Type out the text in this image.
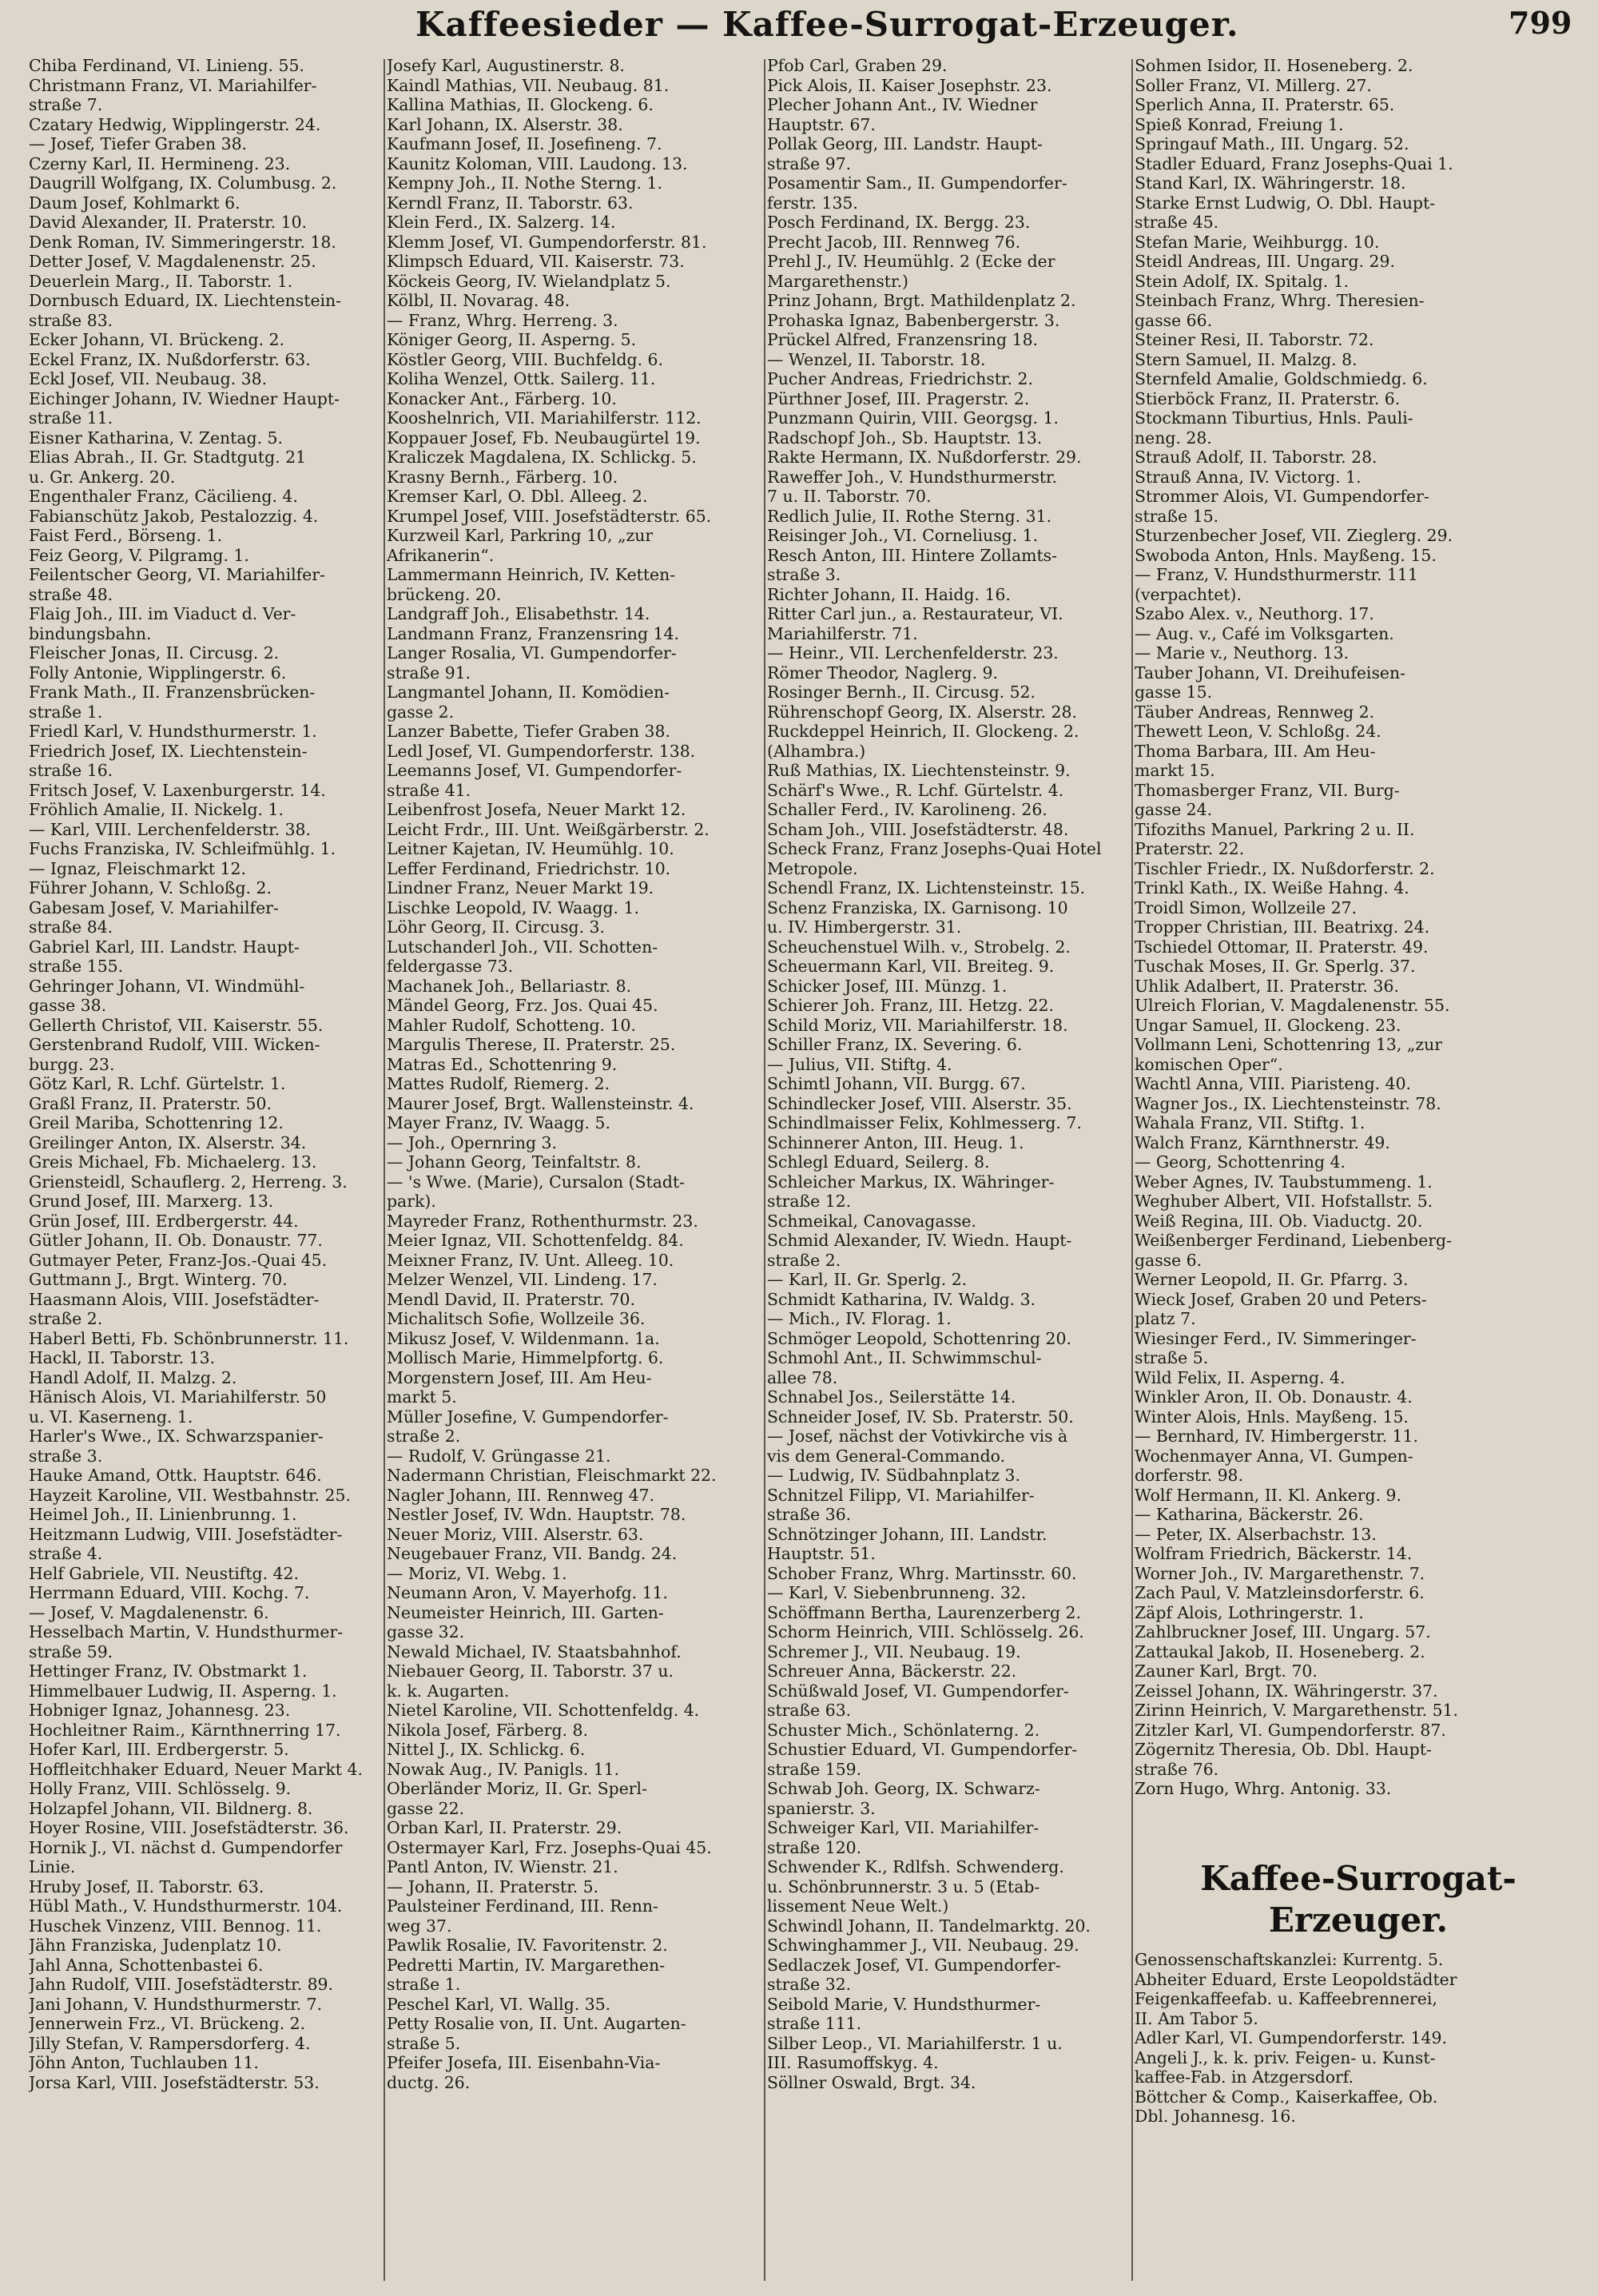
Kaffeesieder — Kaffee-Surrogat-Erzeuger.	799
Chiba Ferdinand, VI. Linieng. 55.
Christmann Franz, VI. Mariahilfer-
straße 7.
Czatary Hedwig, Wipplingerstr. 24.
— Josef, Tiefer Graben 38.
Czerny Karl, II. Hermineng. 23.
Daugrill Wolfgang, IX. Columbusg. 2.
Daum Josef, Kohlmarkt 6.
David Alexander, II. Praterstr. 10.
Denk Roman, IV. Simmeringerstr. 18.
Detter Josef, V. Magdalenenstr. 25.
Deuerlein Marg., II. Taborstr. 1.
Dornbusch Eduard, IX. Liechtenstein-
straße 83.
Ecker Johann, VI. Brückeng. 2.
Eckel Franz, IX. Nußdorferstr. 63.
Eckl Josef, VII. Neubaug. 38.
Eichinger Johann, IV. Wiedner Haupt-
straße 11.
Eisner Katharina, V. Zentag. 5.
Elias Abrah., II. Gr. Stadtgutg. 21
u. Gr. Ankerg. 20.
Engenthaler Franz, Cäcilieng. 4.
Fabianschütz Jakob, Pestalozzig. 4.
Faist Ferd., Börseng. 1.
Feiz Georg, V. Pilgramg. 1.
Feilentscher Georg, VI. Mariahilfer-
straße 48.
Flaig Joh., III. im Viaduct d. Ver-
bindungsbahn.
Fleischer Jonas, II. Circusg. 2.
Folly Antonie, Wipplingerstr. 6.
Frank Math., II. Franzensbrücken-
straße 1.
Friedl Karl, V. Hundsthurmerstr. 1.
Friedrich Josef, IX. Liechtenstein-
straße 16.
Fritsch Josef, V. Laxenburgerstr. 14.
Fröhlich Amalie, II. Nickelg. 1.
— Karl, VIII. Lerchenfelderstr. 38.
Fuchs Franziska, IV. Schleifmühlg. 1.
— Ignaz, Fleischmarkt 12.
Führer Johann, V. Schloßg. 2.
Gabesam Josef, V. Mariahilfer-
straße 84.
Gabriel Karl, III. Landstr. Haupt-
straße 155.
Gehringer Johann, VI. Windmühl-
gasse 38.
Gellerth Christof, VII. Kaiserstr. 55.
Gerstenbrand Rudolf, VIII. Wicken-
burgg. 23.
Götz Karl, R. Lchf. Gürtelstr. 1.
Graßl Franz, II. Praterstr. 50.
Greil Mariba, Schottenring 12.
Greilinger Anton, IX. Alserstr. 34.
Greis Michael, Fb. Michaelerg. 13.
Griensteidl, Schauflerg. 2, Herreng. 3.
Grund Josef, III. Marxerg. 13.
Grün Josef, III. Erdbergerstr. 44.
Gütler Johann, II. Ob. Donaustr. 77.
Gutmayer Peter, Franz-Jos.-Quai 45.
Guttmann J., Brgt. Winterg. 70.
Haasmann Alois, VIII. Josefstädter-
straße 2.
Haberl Betti, Fb. Schönbrunnerstr. 11.
Hackl, II. Taborstr. 13.
Handl Adolf, II. Malzg. 2.
Hänisch Alois, VI. Mariahilferstr. 50
u. VI. Kaserneng. 1.
Harler's Wwe., IX. Schwarzspanier-
straße 3.
Hauke Amand, Ottk. Hauptstr. 646.
Hayzeit Karoline, VII. Westbahnstr. 25.
Heimel Joh., II. Linienbrunng. 1.
Heitzmann Ludwig, VIII. Josefstädter-
straße 4.
Helf Gabriele, VII. Neustiftg. 42.
Herrmann Eduard, VIII. Kochg. 7.
— Josef, V. Magdalenenstr. 6.
Hesselbach Martin, V. Hundsthurmer-
straße 59.
Hettinger Franz, IV. Obstmarkt 1.
Himmelbauer Ludwig, II. Asperng. 1.
Hobniger Ignaz, Johannesg. 23.
Hochleitner Raim., Kärnthnerring 17.
Hofer Karl, III. Erdbergerstr. 5.
Hoffleitchhaker Eduard, Neuer Markt 4.
Holly Franz, VIII. Schlösselg. 9.
Holzapfel Johann, VII. Bildnerg. 8.
Hoyer Rosine, VIII. Josefstädterstr. 36.
Hornik J., VI. nächst d. Gumpendorfer
Linie.
Hruby Josef, II. Taborstr. 63.
Hübl Math., V. Hundsthurmerstr. 104.
Huschek Vinzenz, VIII. Bennog. 11.
Jähn Franziska, Judenplatz 10.
Jahl Anna, Schottenbastei 6.
Jahn Rudolf, VIII. Josefstädterstr. 89.
Jani Johann, V. Hundsthurmerstr. 7.
Jennerwein Frz., VI. Brückeng. 2.
Jilly Stefan, V. Rampersdorferg. 4.
Jöhn Anton, Tuchlauben 11.
Jorsa Karl, VIII. Josefstädterstr. 53.
Josefy Karl, Augustinerstr. 8.
Kaindl Mathias, VII. Neubaug. 81.
Kallina Mathias, II. Glockeng. 6.
Karl Johann, IX. Alserstr. 38.
Kaufmann Josef, II. Josefineng. 7.
Kaunitz Koloman, VIII. Laudong. 13.
Kempny Joh., II. Nothe Sterng. 1.
Kerndl Franz, II. Taborstr. 63.
Klein Ferd., IX. Salzerg. 14.
Klemm Josef, VI. Gumpendorferstr. 81.
Klimpsch Eduard, VII. Kaiserstr. 73.
Köckeis Georg, IV. Wielandplatz 5.
Kölbl, II. Novarag. 48.
— Franz, Whrg. Herreng. 3.
Königer Georg, II. Asperng. 5.
Köstler Georg, VIII. Buchfeldg. 6.
Koliha Wenzel, Ottk. Sailerg. 11.
Konacker Ant., Färberg. 10.
Kooshelnrich, VII. Mariahilferstr. 112.
Koppauer Josef, Fb. Neubaugürtel 19.
Kraliczek Magdalena, IX. Schlickg. 5.
Krasny Bernh., Färberg. 10.
Kremser Karl, O. Dbl. Alleeg. 2.
Krumpel Josef, VIII. Josefstädterstr. 65.
Kurzweil Karl, Parkring 10, „zur
Afrikanerin“.
Lammermann Heinrich, IV. Ketten-
brückeng. 20.
Landgraff Joh., Elisabethstr. 14.
Landmann Franz, Franzensring 14.
Langer Rosalia, VI. Gumpendorfer-
straße 91.
Langmantel Johann, II. Komödien-
gasse 2.
Lanzer Babette, Tiefer Graben 38.
Ledl Josef, VI. Gumpendorferstr. 138.
Leemanns Josef, VI. Gumpendorfer-
straße 41.
Leibenfrost Josefa, Neuer Markt 12.
Leicht Frdr., III. Unt. Weißgärberstr. 2.
Leitner Kajetan, IV. Heumühlg. 10.
Leffer Ferdinand, Friedrichstr. 10.
Lindner Franz, Neuer Markt 19.
Lischke Leopold, IV. Waagg. 1.
Löhr Georg, II. Circusg. 3.
Lutschanderl Joh., VII. Schotten-
feldergasse 73.
Machanek Joh., Bellariastr. 8.
Mändel Georg, Frz. Jos. Quai 45.
Mahler Rudolf, Schotteng. 10.
Margulis Therese, II. Praterstr. 25.
Matras Ed., Schottenring 9.
Mattes Rudolf, Riemerg. 2.
Maurer Josef, Brgt. Wallensteinstr. 4.
Mayer Franz, IV. Waagg. 5.
— Joh., Opernring 3.
— Johann Georg, Teinfaltstr. 8.
— 's Wwe. (Marie), Cursalon (Stadt-
park).
Mayreder Franz, Rothenthurmstr. 23.
Meier Ignaz, VII. Schottenfeldg. 84.
Meixner Franz, IV. Unt. Alleeg. 10.
Melzer Wenzel, VII. Lindeng. 17.
Mendl David, II. Praterstr. 70.
Michalitsch Sofie, Wollzeile 36.
Mikusz Josef, V. Wildenmann. 1a.
Mollisch Marie, Himmelpfortg. 6.
Morgenstern Josef, III. Am Heu-
markt 5.
Müller Josefine, V. Gumpendorfer-
straße 2.
— Rudolf, V. Grüngasse 21.
Nadermann Christian, Fleischmarkt 22.
Nagler Johann, III. Rennweg 47.
Nestler Josef, IV. Wdn. Hauptstr. 78.
Neuer Moriz, VIII. Alserstr. 63.
Neugebauer Franz, VII. Bandg. 24.
— Moriz, VI. Webg. 1.
Neumann Aron, V. Mayerhofg. 11.
Neumeister Heinrich, III. Garten-
gasse 32.
Newald Michael, IV. Staatsbahnhof.
Niebauer Georg, II. Taborstr. 37 u.
k. k. Augarten.
Nietel Karoline, VII. Schottenfeldg. 4.
Nikola Josef, Färberg. 8.
Nittel J., IX. Schlickg. 6.
Nowak Aug., IV. Panigls. 11.
Oberländer Moriz, II. Gr. Sperl-
gasse 22.
Orban Karl, II. Praterstr. 29.
Ostermayer Karl, Frz. Josephs-Quai 45.
Pantl Anton, IV. Wienstr. 21.
— Johann, II. Praterstr. 5.
Paulsteiner Ferdinand, III. Renn-
weg 37.
Pawlik Rosalie, IV. Favoritenstr. 2.
Pedretti Martin, IV. Margarethen-
straße 1.
Peschel Karl, VI. Wallg. 35.
Petty Rosalie von, II. Unt. Augarten-
straße 5.
Pfeifer Josefa, III. Eisenbahn-Via-
ductg. 26.
Pfob Carl, Graben 29.
Pick Alois, II. Kaiser Josephstr. 23.
Plecher Johann Ant., IV. Wiedner
Hauptstr. 67.
Pollak Georg, III. Landstr. Haupt-
straße 97.
Posamentir Sam., II. Gumpendorfer-
ferstr. 135.
Posch Ferdinand, IX. Bergg. 23.
Precht Jacob, III. Rennweg 76.
Prehl J., IV. Heumühlg. 2 (Ecke der
Margarethenstr.)
Prinz Johann, Brgt. Mathildenplatz 2.
Prohaska Ignaz, Babenbergerstr. 3.
Prückel Alfred, Franzensring 18.
— Wenzel, II. Taborstr. 18.
Pucher Andreas, Friedrichstr. 2.
Pürthner Josef, III. Pragerstr. 2.
Punzmann Quirin, VIII. Georgsg. 1.
Radschopf Joh., Sb. Hauptstr. 13.
Rakte Hermann, IX. Nußdorferstr. 29.
Raweffer Joh., V. Hundsthurmerstr.
7 u. II. Taborstr. 70.
Redlich Julie, II. Rothe Sterng. 31.
Reisinger Joh., VI. Corneliusg. 1.
Resch Anton, III. Hintere Zollamts-
straße 3.
Richter Johann, II. Haidg. 16.
Ritter Carl jun., a. Restaurateur, VI.
Mariahilferstr. 71.
— Heinr., VII. Lerchenfelderstr. 23.
Römer Theodor, Naglerg. 9.
Rosinger Bernh., II. Circusg. 52.
Rührenschopf Georg, IX. Alserstr. 28.
Ruckdeppel Heinrich, II. Glockeng. 2.
(Alhambra.)
Ruß Mathias, IX. Liechtensteinstr. 9.
Schärf's Wwe., R. Lchf. Gürtelstr. 4.
Schaller Ferd., IV. Karolineng. 26.
Scham Joh., VIII. Josefstädterstr. 48.
Scheck Franz, Franz Josephs-Quai Hotel
Metropole.
Schendl Franz, IX. Lichtensteinstr. 15.
Schenz Franziska, IX. Garnisong. 10
u. IV. Himbergerstr. 31.
Scheuchenstuel Wilh. v., Strobelg. 2.
Scheuermann Karl, VII. Breiteg. 9.
Schicker Josef, III. Münzg. 1.
Schierer Joh. Franz, III. Hetzg. 22.
Schild Moriz, VII. Mariahilferstr. 18.
Schiller Franz, IX. Severing. 6.
— Julius, VII. Stiftg. 4.
Schimtl Johann, VII. Burgg. 67.
Schindlecker Josef, VIII. Alserstr. 35.
Schindlmaisser Felix, Kohlmesserg. 7.
Schinnerer Anton, III. Heug. 1.
Schlegl Eduard, Seilerg. 8.
Schleicher Markus, IX. Währinger-
straße 12.
Schmeikal, Canovagasse.
Schmid Alexander, IV. Wiedn. Haupt-
straße 2.
— Karl, II. Gr. Sperlg. 2.
Schmidt Katharina, IV. Waldg. 3.
— Mich., IV. Florag. 1.
Schmöger Leopold, Schottenring 20.
Schmohl Ant., II. Schwimmschul-
allee 78.
Schnabel Jos., Seilerstätte 14.
Schneider Josef, IV. Sb. Praterstr. 50.
— Josef, nächst der Votivkirche vis à
vis dem General-Commando.
— Ludwig, IV. Südbahnplatz 3.
Schnitzel Filipp, VI. Mariahilfer-
straße 36.
Schnötzinger Johann, III. Landstr.
Hauptstr. 51.
Schober Franz, Whrg. Martinsstr. 60.
— Karl, V. Siebenbrunneng. 32.
Schöffmann Bertha, Laurenzerberg 2.
Schorm Heinrich, VIII. Schlösselg. 26.
Schremer J., VII. Neubaug. 19.
Schreuer Anna, Bäckerstr. 22.
Schüßwald Josef, VI. Gumpendorfer-
straße 63.
Schuster Mich., Schönlaterng. 2.
Schustier Eduard, VI. Gumpendorfer-
straße 159.
Schwab Joh. Georg, IX. Schwarz-
spanierstr. 3.
Schweiger Karl, VII. Mariahilfer-
straße 120.
Schwender K., Rdlfsh. Schwenderg.
u. Schönbrunnerstr. 3 u. 5 (Etab-
lissement Neue Welt.)
Schwindl Johann, II. Tandelmarktg. 20.
Schwinghammer J., VII. Neubaug. 29.
Sedlaczek Josef, VI. Gumpendorfer-
straße 32.
Seibold Marie, V. Hundsthurmer-
straße 111.
Silber Leop., VI. Mariahilferstr. 1 u.
III. Rasumoffskyg. 4.
Söllner Oswald, Brgt. 34.
Sohmen Isidor, II. Hoseneberg. 2.
Soller Franz, VI. Millerg. 27.
Sperlich Anna, II. Praterstr. 65.
Spieß Konrad, Freiung 1.
Springauf Math., III. Ungarg. 52.
Stadler Eduard, Franz Josephs-Quai 1.
Stand Karl, IX. Währingerstr. 18.
Starke Ernst Ludwig, O. Dbl. Haupt-
straße 45.
Stefan Marie, Weihburgg. 10.
Steidl Andreas, III. Ungarg. 29.
Stein Adolf, IX. Spitalg. 1.
Steinbach Franz, Whrg. Theresien-
gasse 66.
Steiner Resi, II. Taborstr. 72.
Stern Samuel, II. Malzg. 8.
Sternfeld Amalie, Goldschmiedg. 6.
Stierböck Franz, II. Praterstr. 6.
Stockmann Tiburtius, Hnls. Pauli-
neng. 28.
Strauß Adolf, II. Taborstr. 28.
Strauß Anna, IV. Victorg. 1.
Strommer Alois, VI. Gumpendorfer-
straße 15.
Sturzenbecher Josef, VII. Zieglerg. 29.
Swoboda Anton, Hnls. Mayßeng. 15.
— Franz, V. Hundsthurmerstr. 111
(verpachtet).
Szabo Alex. v., Neuthorg. 17.
— Aug. v., Café im Volksgarten.
— Marie v., Neuthorg. 13.
Tauber Johann, VI. Dreihufeisen-
gasse 15.
Täuber Andreas, Rennweg 2.
Thewett Leon, V. Schloßg. 24.
Thoma Barbara, III. Am Heu-
markt 15.
Thomasberger Franz, VII. Burg-
gasse 24.
Tifoziths Manuel, Parkring 2 u. II.
Praterstr. 22.
Tischler Friedr., IX. Nußdorferstr. 2.
Trinkl Kath., IX. Weiße Hahng. 4.
Troidl Simon, Wollzeile 27.
Tropper Christian, III. Beatrixg. 24.
Tschiedel Ottomar, II. Praterstr. 49.
Tuschak Moses, II. Gr. Sperlg. 37.
Uhlik Adalbert, II. Praterstr. 36.
Ulreich Florian, V. Magdalenenstr. 55.
Ungar Samuel, II. Glockeng. 23.
Vollmann Leni, Schottenring 13, „zur
komischen Oper“.
Wachtl Anna, VIII. Piaristeng. 40.
Wagner Jos., IX. Liechtensteinstr. 78.
Wahala Franz, VII. Stiftg. 1.
Walch Franz, Kärnthnerstr. 49.
— Georg, Schottenring 4.
Weber Agnes, IV. Taubstummeng. 1.
Weghuber Albert, VII. Hofstallstr. 5.
Weiß Regina, III. Ob. Viaductg. 20.
Weißenberger Ferdinand, Liebenberg-
gasse 6.
Werner Leopold, II. Gr. Pfarrg. 3.
Wieck Josef, Graben 20 und Peters-
platz 7.
Wiesinger Ferd., IV. Simmeringer-
straße 5.
Wild Felix, II. Asperng. 4.
Winkler Aron, II. Ob. Donaustr. 4.
Winter Alois, Hnls. Mayßeng. 15.
— Bernhard, IV. Himbergerstr. 11.
Wochenmayer Anna, VI. Gumpen-
dorferstr. 98.
Wolf Hermann, II. Kl. Ankerg. 9.
— Katharina, Bäckerstr. 26.
— Peter, IX. Alserbachstr. 13.
Wolfram Friedrich, Bäckerstr. 14.
Worner Joh., IV. Margarethenstr. 7.
Zach Paul, V. Matzleinsdorferstr. 6.
Zäpf Alois, Lothringerstr. 1.
Zahlbruckner Josef, III. Ungarg. 57.
Zattaukal Jakob, II. Hoseneberg. 2.
Zauner Karl, Brgt. 70.
Zeissel Johann, IX. Währingerstr. 37.
Zirinn Heinrich, V. Margarethenstr. 51.
Zitzler Karl, VI. Gumpendorferstr. 87.
Zögernitz Theresia, Ob. Dbl. Haupt-
straße 76.
Zorn Hugo, Whrg. Antonig. 33.
Kaffee-Surrogat-
Erzeuger.
Genossenschaftskanzlei: Kurrentg. 5.
Abheiter Eduard, Erste Leopoldstädter
Feigenkaffeefab. u. Kaffeebrennerei,
II. Am Tabor 5.
Adler Karl, VI. Gumpendorferstr. 149.
Angeli J., k. k. priv. Feigen- u. Kunst-
kaffee-Fab. in Atzgersdorf.
Böttcher & Comp., Kaiserkaffee, Ob.
Dbl. Johannesg. 16.
